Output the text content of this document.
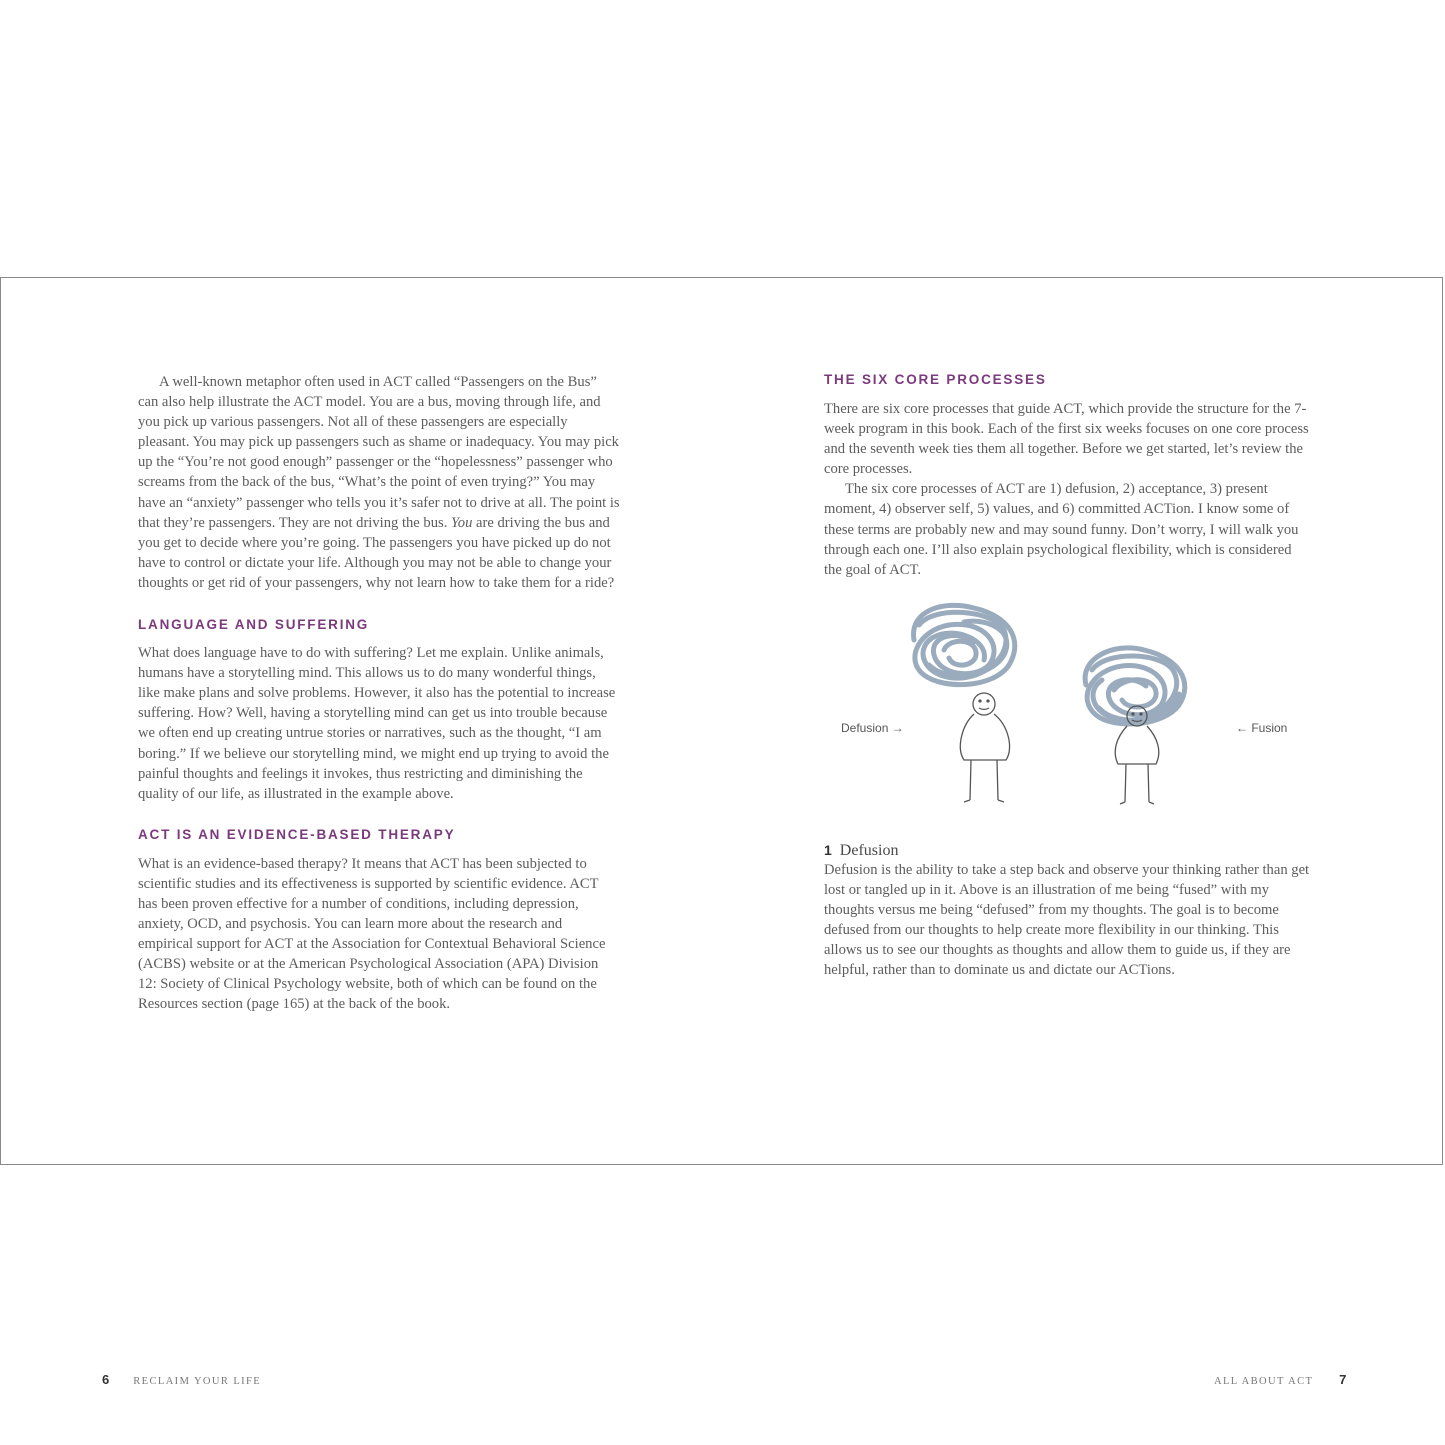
A well-known metaphor often used in ACT called “Passengers on the Bus” can also help illustrate the ACT model. You are a bus, moving through life, and you pick up various passengers. Not all of these passengers are especially pleasant. You may pick up passengers such as shame or inadequacy. You may pick up the “You’re not good enough” passenger or the “hopelessness” passenger who screams from the back of the bus, “What’s the point of even trying?” You may have an “anxiety” passenger who tells you it’s safer not to drive at all. The point is that they’re passengers. They are not driving the bus. You are driving the bus and you get to decide where you’re going. The passengers you have picked up do not have to control or dictate your life. Although you may not be able to change your thoughts or get rid of your passengers, why not learn how to take them for a ride?

LANGUAGE AND SUFFERING

What does language have to do with suffering? Let me explain. Unlike animals, humans have a storytelling mind. This allows us to do many wonderful things, like make plans and solve problems. However, it also has the potential to increase suffering. How? Well, having a storytelling mind can get us into trouble because we often end up creating untrue stories or narratives, such as the thought, “I am boring.” If we believe our storytelling mind, we might end up trying to avoid the painful thoughts and feelings it invokes, thus restricting and diminishing the quality of our life, as illustrated in the example above.

ACT IS AN EVIDENCE-BASED THERAPY

What is an evidence-based therapy? It means that ACT has been subjected to scientific studies and its effectiveness is supported by scientific evidence. ACT has been proven effective for a number of conditions, including depression, anxiety, OCD, and psychosis. You can learn more about the research and empirical support for ACT at the Association for Contextual Behavioral Science (ACBS) website or at the American Psychological Association (APA) Division 12: Society of Clinical Psychology website, both of which can be found on the Resources section (page 165) at the back of the book.

THE SIX CORE PROCESSES

There are six core processes that guide ACT, which provide the structure for the 7-week program in this book. Each of the first six weeks focuses on one core process and the seventh week ties them all together. Before we get started, let’s review the core processes.

The six core processes of ACT are 1) defusion, 2) acceptance, 3) present moment, 4) observer self, 5) values, and 6) committed ACTion. I know some of these terms are probably new and may sound funny. Don’t worry, I will walk you through each one. I’ll also explain psychological flexibility, which is considered the goal of ACT.

Defusion →	← Fusion
1 Defusion

Defusion is the ability to take a step back and observe your thinking rather than get lost or tangled up in it. Above is an illustration of me being “fused” with my thoughts versus me being “defused” from my thoughts. The goal is to become defused from our thoughts to help create more flexibility in our thinking. This allows us to see our thoughts as thoughts and allow them to guide us, if they are helpful, rather than to dominate us and dictate our ACTions.

6 RECLAIM YOUR LIFE	ALL ABOUT ACT 7
